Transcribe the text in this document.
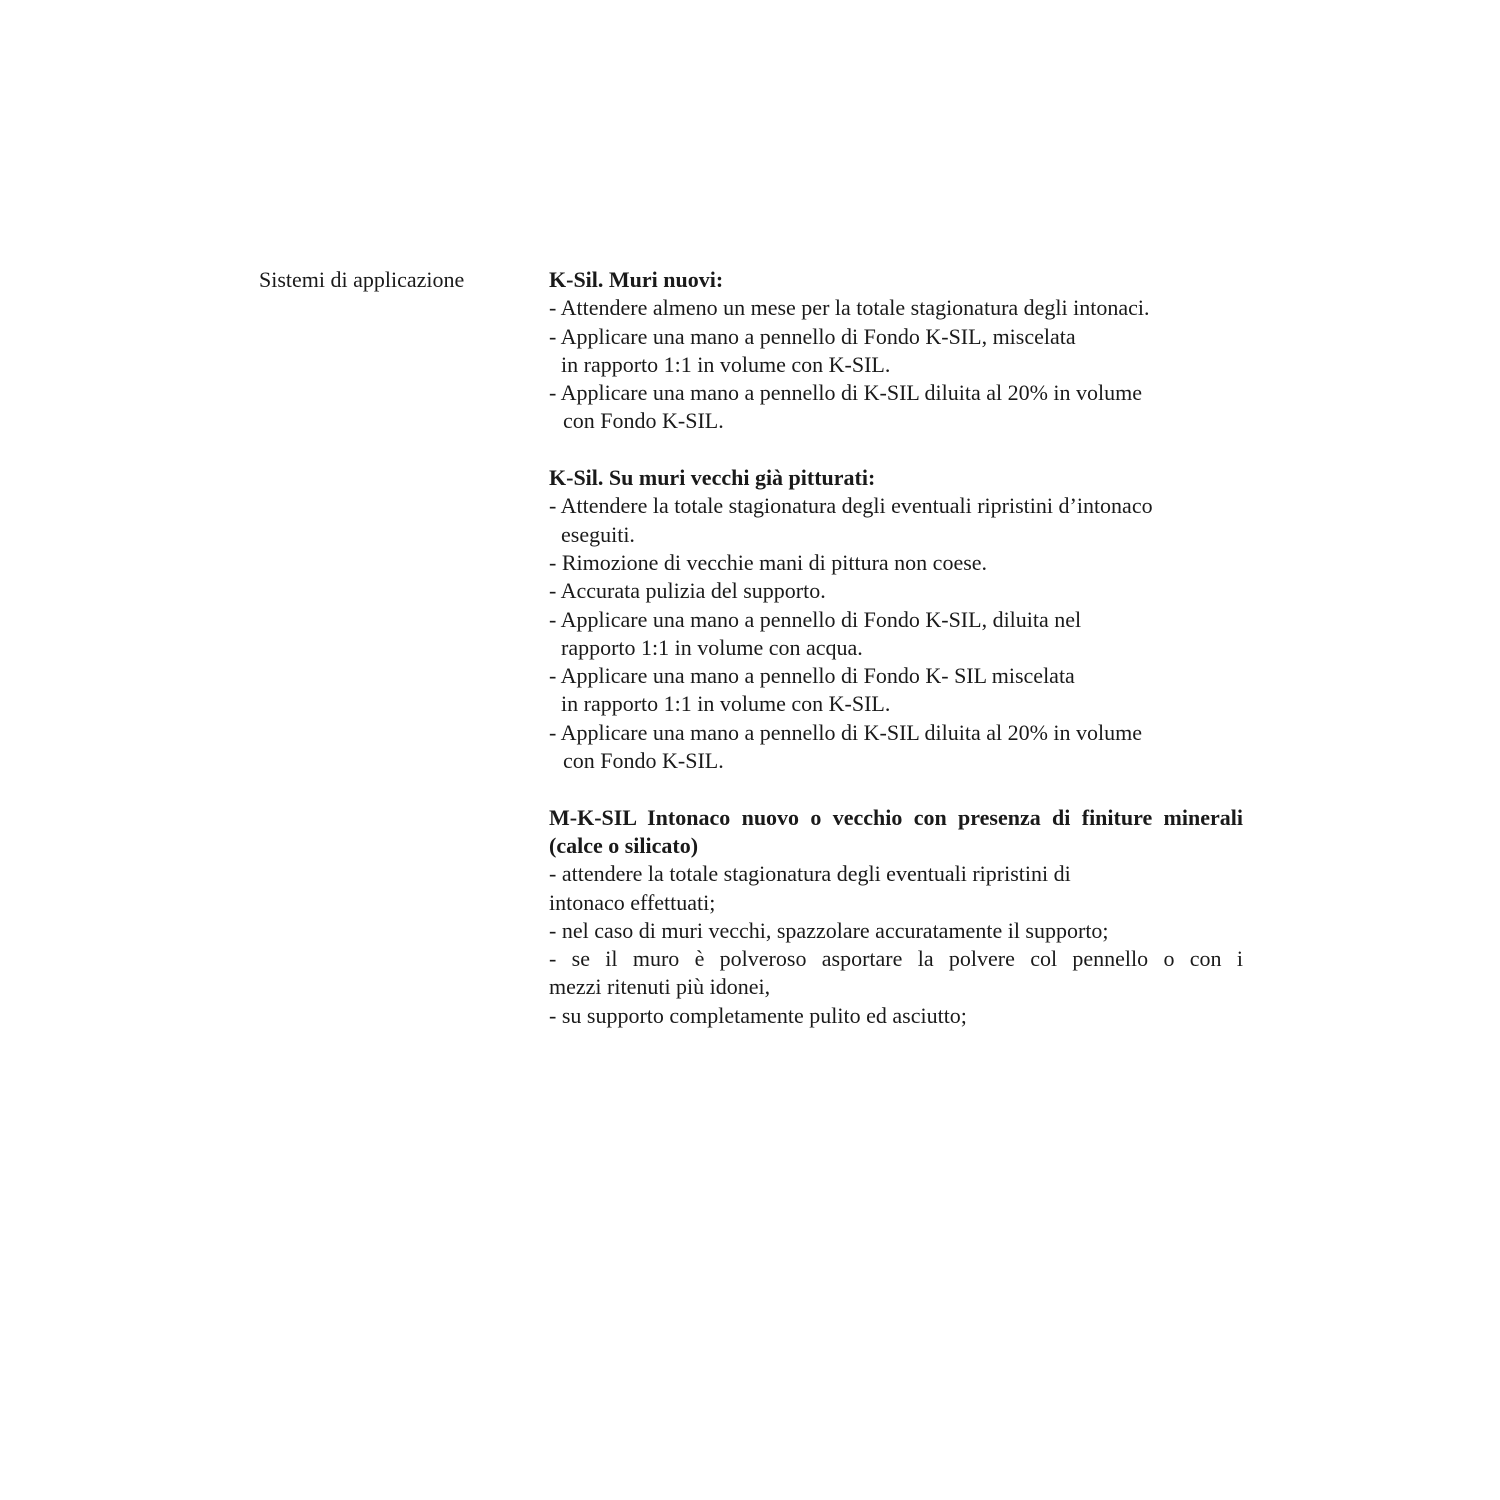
Sistemi di applicazione	K-Sil. Muri nuovi:

- Attendere almeno un mese per la totale stagionatura degli intonaci.

- Applicare una mano a pennello di Fondo K-SIL, miscelata

in rapporto 1:1 in volume con K-SIL.

- Applicare una mano a pennello di K-SIL diluita al 20% in volume

con Fondo K-SIL.

K-Sil. Su muri vecchi già pitturati:

- Attendere la totale stagionatura degli eventuali ripristini d’intonaco

eseguiti.

- Rimozione di vecchie mani di pittura non coese.

- Accurata pulizia del supporto.

- Applicare una mano a pennello di Fondo K-SIL, diluita nel

rapporto 1:1 in volume con acqua.

- Applicare una mano a pennello di Fondo K- SIL miscelata

in rapporto 1:1 in volume con K-SIL.

- Applicare una mano a pennello di K-SIL diluita al 20% in volume

con Fondo K-SIL.

M-K-SIL Intonaco nuovo o vecchio con presenza di finiture minerali (calce o silicato)

- attendere la totale stagionatura degli eventuali ripristini di

intonaco effettuati;

- nel caso di muri vecchi, spazzolare accuratamente il supporto;

- se il muro è polveroso asportare la polvere col pennello o con i

mezzi ritenuti più idonei,

- su supporto completamente pulito ed asciutto;
